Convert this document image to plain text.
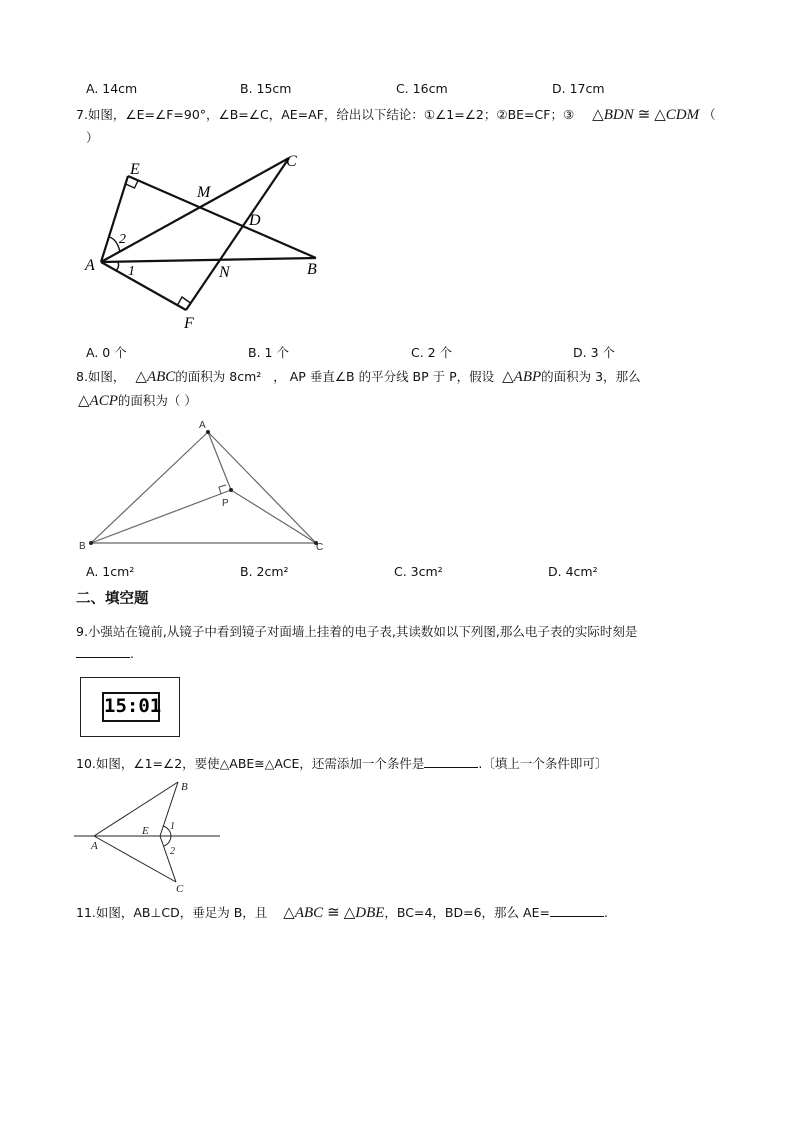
A. 14cm	B. 15cm	C. 16cm	D. 17cm
7.如图，∠E=∠F=90°，∠B=∠C，AE=AF，给出以下结论：①∠1=∠2；②BE=CF；③ △BDN ≅ △CDM （
）
E	C
M
D
2
A 1	N	B
F
A. 0 个	B. 1 个	C. 2 个	D. 3 个
8.如图， △ABC的面积为 8cm² ， AP 垂直∠B 的平分线 BP 于 P，假设 △ABP的面积为 3，那么
△ACP的面积为（ ）
A
P
B	C
A. 1cm²	B. 2cm²	C. 3cm²	D. 4cm²
二、填空题
9.小强站在镜前,从镜子中看到镜子对面墙上挂着的电子表,其读数如以下列图,那么电子表的实际时刻是
.
15:01
10.如图，∠1=∠2，要使△ABE≅△ACE，还需添加一个条件是	.〔填上一个条件即可〕
B
E 1
A	2
C
11.如图，AB⊥CD，垂足为 B，且 △ABC ≅ △DBE，BC=4，BD=6，那么 AE=	.
